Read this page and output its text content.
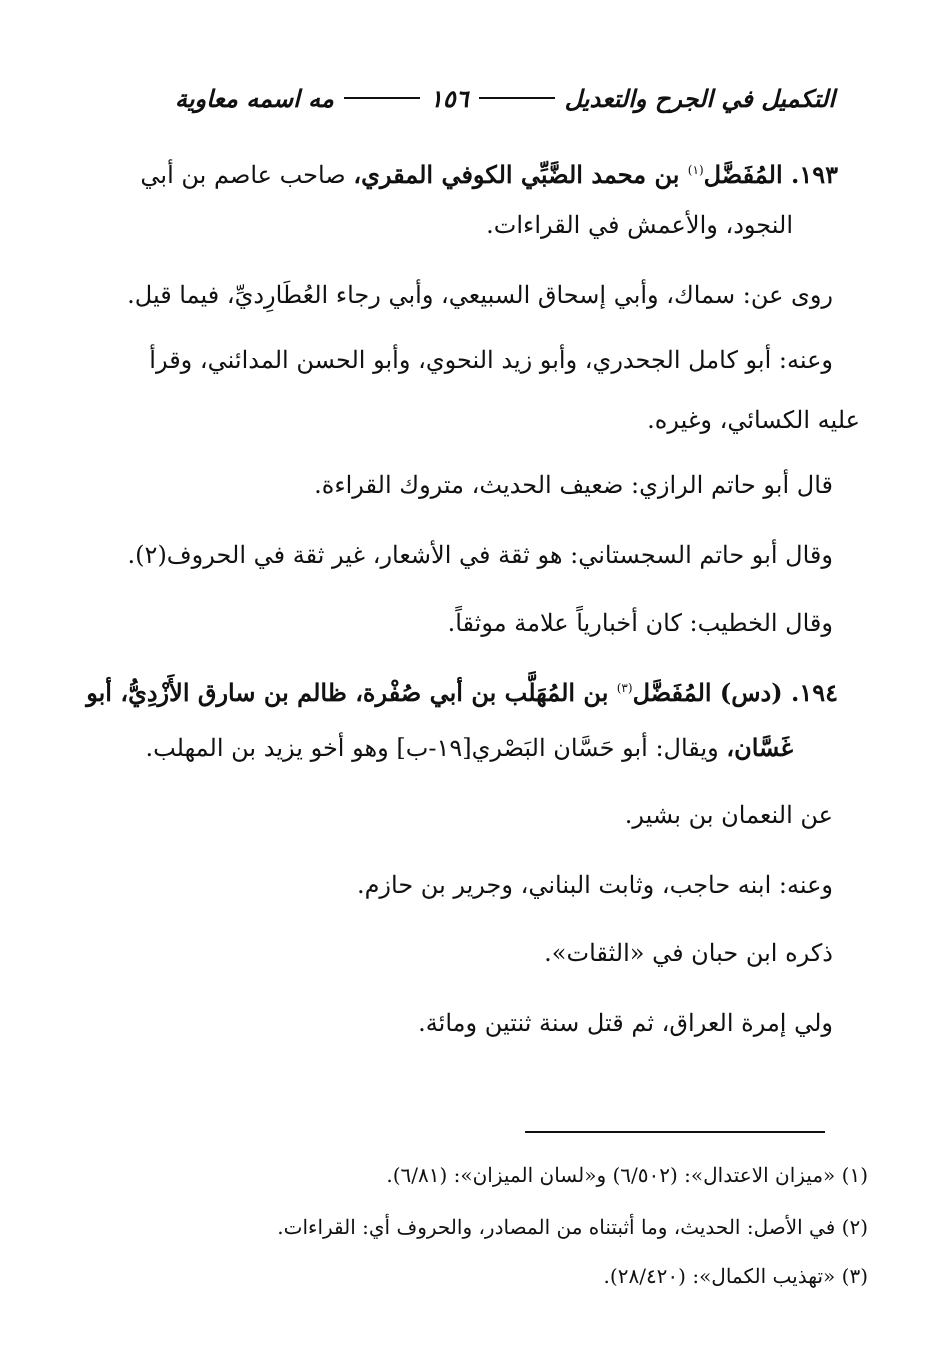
التكميل في الجرح والتعديل
١٥٦
مه اسمه معاوية
١٩٣. المُفَضَّل$^{(١)}$ بن محمد الضَّبِّي الكوفي المقري، صاحب عاصم بن أبي
النجود، والأعمش في القراءات.
روى عن: سماك، وأبي إسحاق السبيعي، وأبي رجاء العُطَارِديِّ، فيما قيل.
وعنه: أبو كامل الجحدري، وأبو زيد النحوي، وأبو الحسن المدائني، وقرأ
عليه الكسائي، وغيره.
قال أبو حاتم الرازي: ضعيف الحديث، متروك القراءة.
وقال أبو حاتم السجستاني: هو ثقة في الأشعار، غير ثقة في الحروف(٢).
وقال الخطيب: كان أخبارياً علامة موثقاً.
١٩٤. (دس) المُفَضَّل$^{(٣)}$ بن المُهَلَّب بن أبي صُفْرة، ظالم بن سارق الأَزْدِيُّ، أبو
غَسَّان، ويقال: أبو حَسَّان البَصْري[١٩-ب] وهو أخو يزيد بن المهلب.
عن النعمان بن بشير.
وعنه: ابنه حاجب، وثابت البناني، وجرير بن حازم.
ذكره ابن حبان في «الثقات».
ولي إمرة العراق، ثم قتل سنة ثنتين ومائة.
(١) «ميزان الاعتدال»: (٦/٥٠٢) و«لسان الميزان»: (٦/٨١).
(٢) في الأصل: الحديث، وما أثبتناه من المصادر، والحروف أي: القراءات.
(٣) «تهذيب الكمال»: (٢٨/٤٢٠).
